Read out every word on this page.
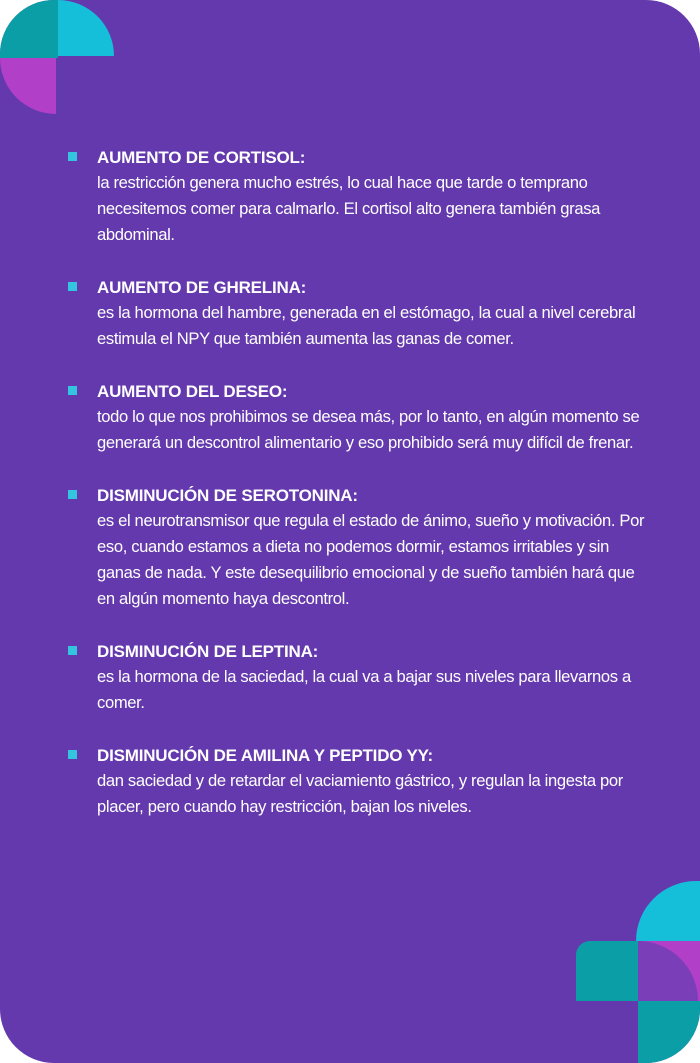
AUMENTO DE CORTISOL:
la restricción genera mucho estrés, lo cual hace que tarde o temprano necesitemos comer para calmarlo. El cortisol alto genera también grasa abdominal.
AUMENTO DE GHRELINA:
es la hormona del hambre, generada en el estómago, la cual a nivel cerebral estimula el NPY que también aumenta las ganas de comer.
AUMENTO DEL DESEO:
todo lo que nos prohibimos se desea más, por lo tanto, en algún momento se generará un descontrol alimentario y eso prohibido será muy difícil de frenar.
DISMINUCIÓN DE SEROTONINA:
es el neurotransmisor que regula el estado de ánimo, sueño y motivación. Por eso, cuando estamos a dieta no podemos dormir, estamos irritables y sin ganas de nada. Y este desequilibrio emocional y de sueño también hará que en algún momento haya descontrol.
DISMINUCIÓN DE LEPTINA:
es la hormona de la saciedad, la cual va a bajar sus niveles para llevarnos a comer.
DISMINUCIÓN DE AMILINA Y PEPTIDO YY:
dan saciedad y de retardar el vaciamiento gástrico, y regulan la ingesta por placer, pero cuando hay restricción, bajan los niveles.
